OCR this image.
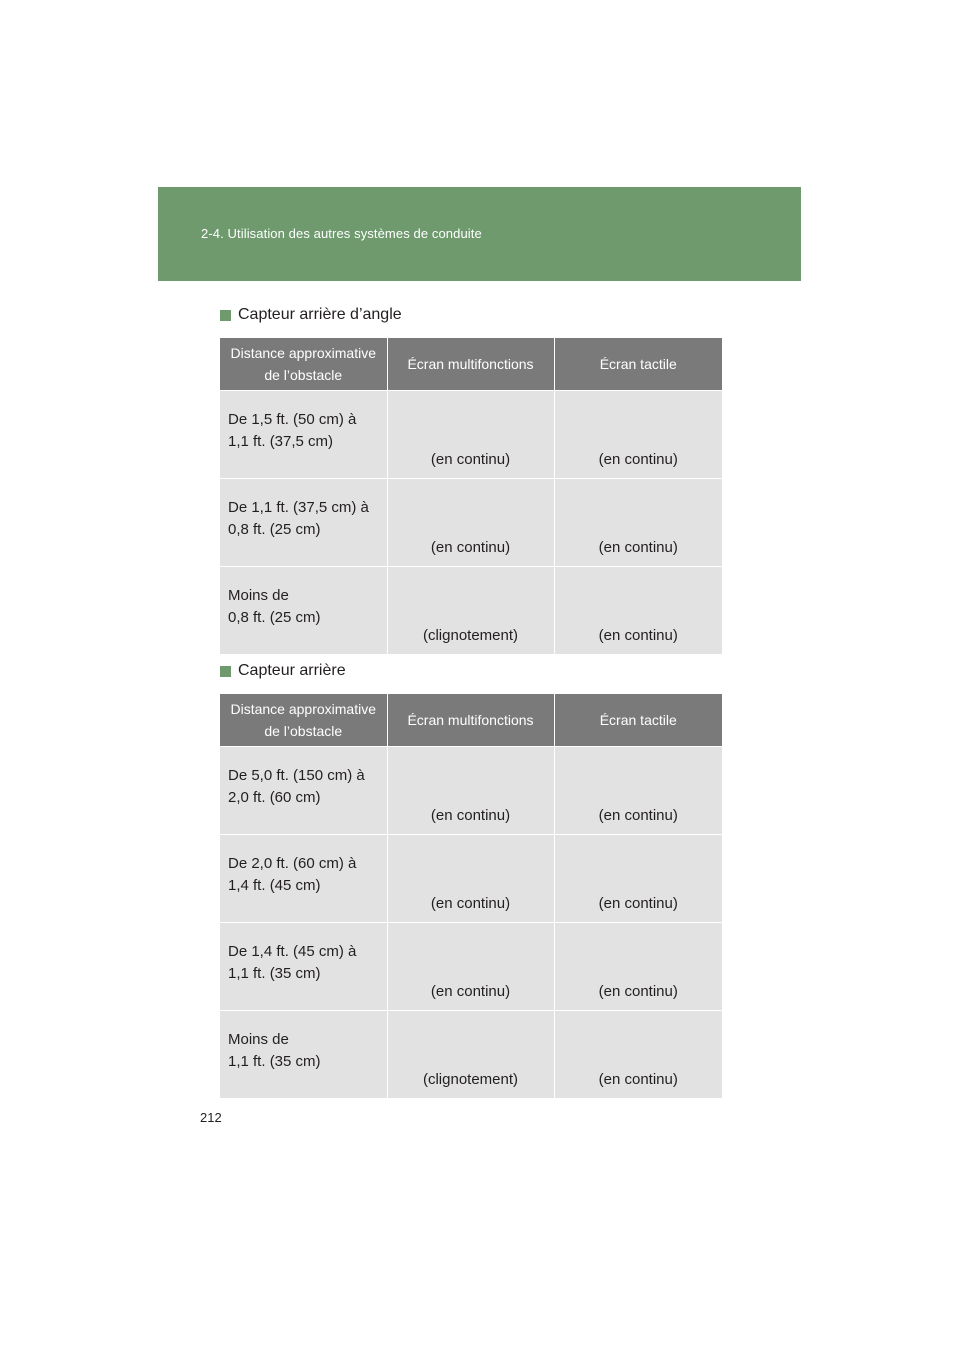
2-4. Utilisation des autres systèmes de conduite
Capteur arrière d’angle
Distance approximative de l’obstacle	Écran multifonctions	Écran tactile

De 1,5 ft. (50 cm) à
1,1 ft. (37,5 cm)	(en continu)	(en continu)

De 1,1 ft. (37,5 cm) à
0,8 ft. (25 cm)	(en continu)	(en continu)

Moins de
0,8 ft. (25 cm)	(clignotement)	(en continu)
Capteur arrière
Distance approximative de l’obstacle	Écran multifonctions	Écran tactile

De 5,0 ft. (150 cm) à
2,0 ft. (60 cm)	(en continu)	(en continu)

De 2,0 ft. (60 cm) à
1,4 ft. (45 cm)	(en continu)	(en continu)

De 1,4 ft. (45 cm) à
1,1 ft. (35 cm)	(en continu)	(en continu)

Moins de
1,1 ft. (35 cm)	(clignotement)	(en continu)
212
